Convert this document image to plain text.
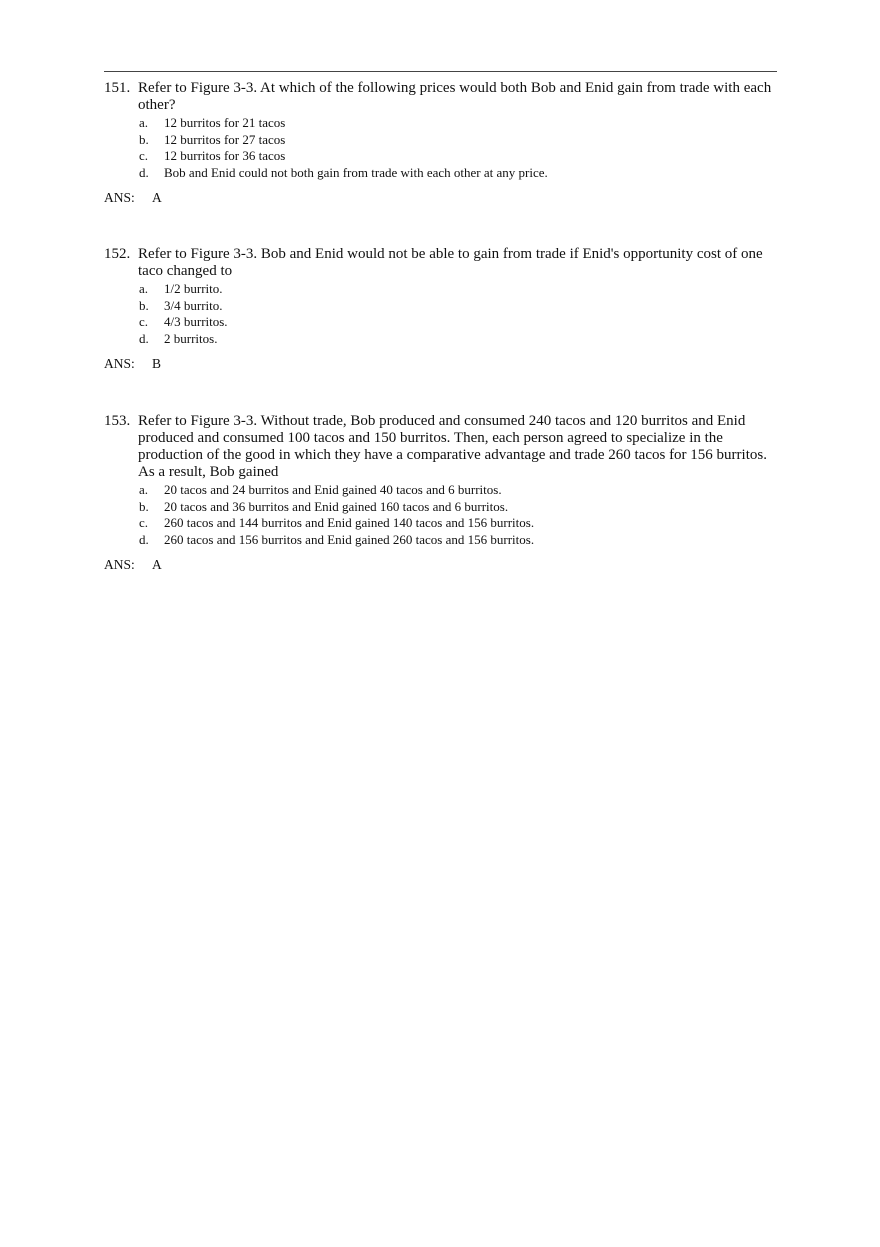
151. Refer to Figure 3-3. At which of the following prices would both Bob and Enid gain from trade with each other?
a. 12 burritos for 21 tacos
b. 12 burritos for 27 tacos
c. 12 burritos for 36 tacos
d. Bob and Enid could not both gain from trade with each other at any price.
ANS: A
152. Refer to Figure 3-3. Bob and Enid would not be able to gain from trade if Enid's opportunity cost of one taco changed to
a. 1/2 burrito.
b. 3/4 burrito.
c. 4/3 burritos.
d. 2 burritos.
ANS: B
153. Refer to Figure 3-3. Without trade, Bob produced and consumed 240 tacos and 120 burritos and Enid produced and consumed 100 tacos and 150 burritos. Then, each person agreed to specialize in the production of the good in which they have a comparative advantage and trade 260 tacos for 156 burritos. As a result, Bob gained
a. 20 tacos and 24 burritos and Enid gained 40 tacos and 6 burritos.
b. 20 tacos and 36 burritos and Enid gained 160 tacos and 6 burritos.
c. 260 tacos and 144 burritos and Enid gained 140 tacos and 156 burritos.
d. 260 tacos and 156 burritos and Enid gained 260 tacos and 156 burritos.
ANS: A
